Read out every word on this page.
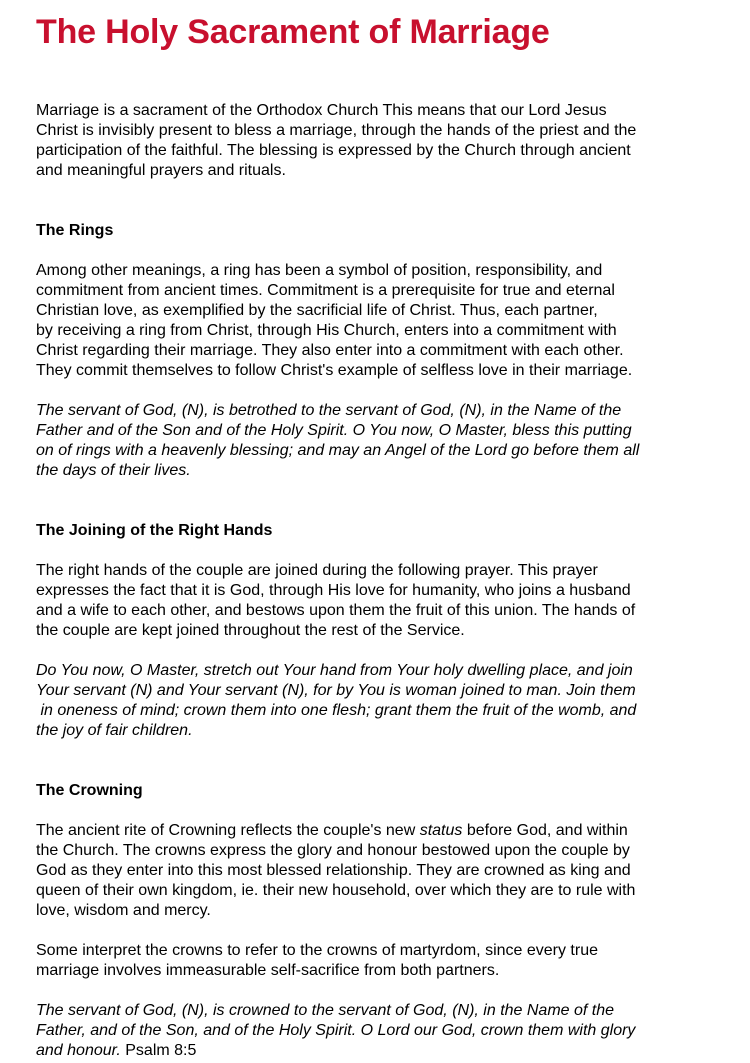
The Holy Sacrament of Marriage

Marriage is a sacrament of the Orthodox Church This means that our Lord Jesus
Christ is invisibly present to bless a marriage, through the hands of the priest and the
participation of the faithful. The blessing is expressed by the Church through ancient
and meaningful prayers and rituals.

The Rings

Among other meanings, a ring has been a symbol of position, responsibility, and
commitment from ancient times. Commitment is a prerequisite for true and eternal
Christian love, as exemplified by the sacrificial life of Christ. Thus, each partner,
by receiving a ring from Christ, through His Church, enters into a commitment with
Christ regarding their marriage. They also enter into a commitment with each other.
They commit themselves to follow Christ's example of selfless love in their marriage.

The servant of God, (N), is betrothed to the servant of God, (N), in the Name of the
Father and of the Son and of the Holy Spirit. O You now, O Master, bless this putting
on of rings with a heavenly blessing; and may an Angel of the Lord go before them all
the days of their lives.

The Joining of the Right Hands

The right hands of the couple are joined during the following prayer. This prayer
expresses the fact that it is God, through His love for humanity, who joins a husband
and a wife to each other, and bestows upon them the fruit of this union. The hands of
the couple are kept joined throughout the rest of the Service.

Do You now, O Master, stretch out Your hand from Your holy dwelling place, and join
Your servant (N) and Your servant (N), for by You is woman joined to man. Join them
in oneness of mind; crown them into one flesh; grant them the fruit of the womb, and
the joy of fair children.

The Crowning

The ancient rite of Crowning reflects the couple's new status before God, and within
the Church. The crowns express the glory and honour bestowed upon the couple by
God as they enter into this most blessed relationship. They are crowned as king and
queen of their own kingdom, ie. their new household, over which they are to rule with
love, wisdom and mercy.

Some interpret the crowns to refer to the crowns of martyrdom, since every true
marriage involves immeasurable self-sacrifice from both partners.

The servant of God, (N), is crowned to the servant of God, (N), in the Name of the
Father, and of the Son, and of the Holy Spirit. O Lord our God, crown them with glory
and honour. Psalm 8:5
